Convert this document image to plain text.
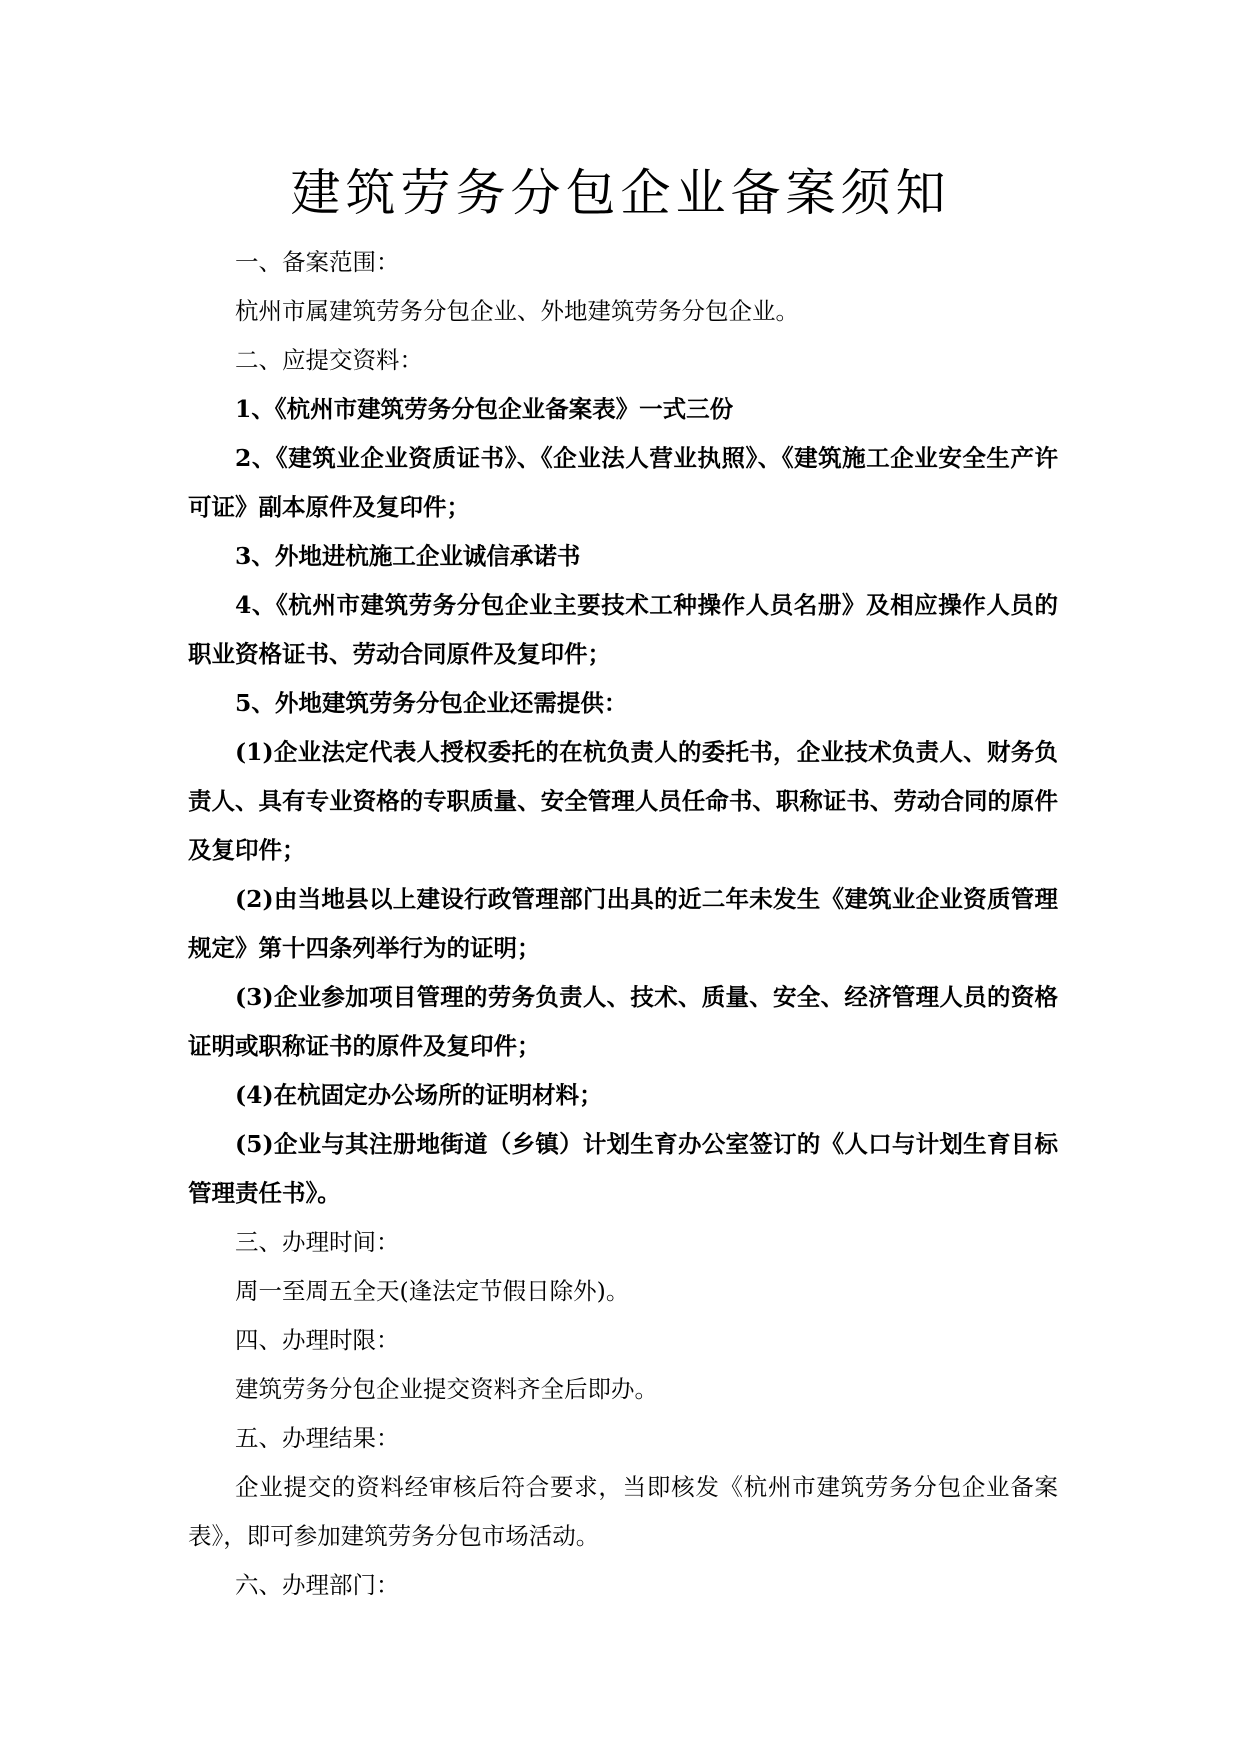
建筑劳务分包企业备案须知

一、备案范围：

杭州市属建筑劳务分包企业、外地建筑劳务分包企业。

二、应提交资料：

1、《杭州市建筑劳务分包企业备案表》一式三份

2、《建筑业企业资质证书》、《企业法人营业执照》、《建筑施工企业安全生产许可证》副本原件及复印件；

3、外地进杭施工企业诚信承诺书

4、《杭州市建筑劳务分包企业主要技术工种操作人员名册》及相应操作人员的职业资格证书、劳动合同原件及复印件；

5、外地建筑劳务分包企业还需提供：

(1)企业法定代表人授权委托的在杭负责人的委托书，企业技术负责人、财务负责人、具有专业资格的专职质量、安全管理人员任命书、职称证书、劳动合同的原件及复印件；

(2)由当地县以上建设行政管理部门出具的近二年未发生《建筑业企业资质管理规定》第十四条列举行为的证明；

(3)企业参加项目管理的劳务负责人、技术、质量、安全、经济管理人员的资格证明或职称证书的原件及复印件；

(4)在杭固定办公场所的证明材料；

(5)企业与其注册地街道（乡镇）计划生育办公室签订的《人口与计划生育目标管理责任书》。

三、办理时间：

周一至周五全天(逢法定节假日除外)。

四、办理时限：

建筑劳务分包企业提交资料齐全后即办。

五、办理结果：

企业提交的资料经审核后符合要求，当即核发《杭州市建筑劳务分包企业备案表》，即可参加建筑劳务分包市场活动。

六、办理部门：
